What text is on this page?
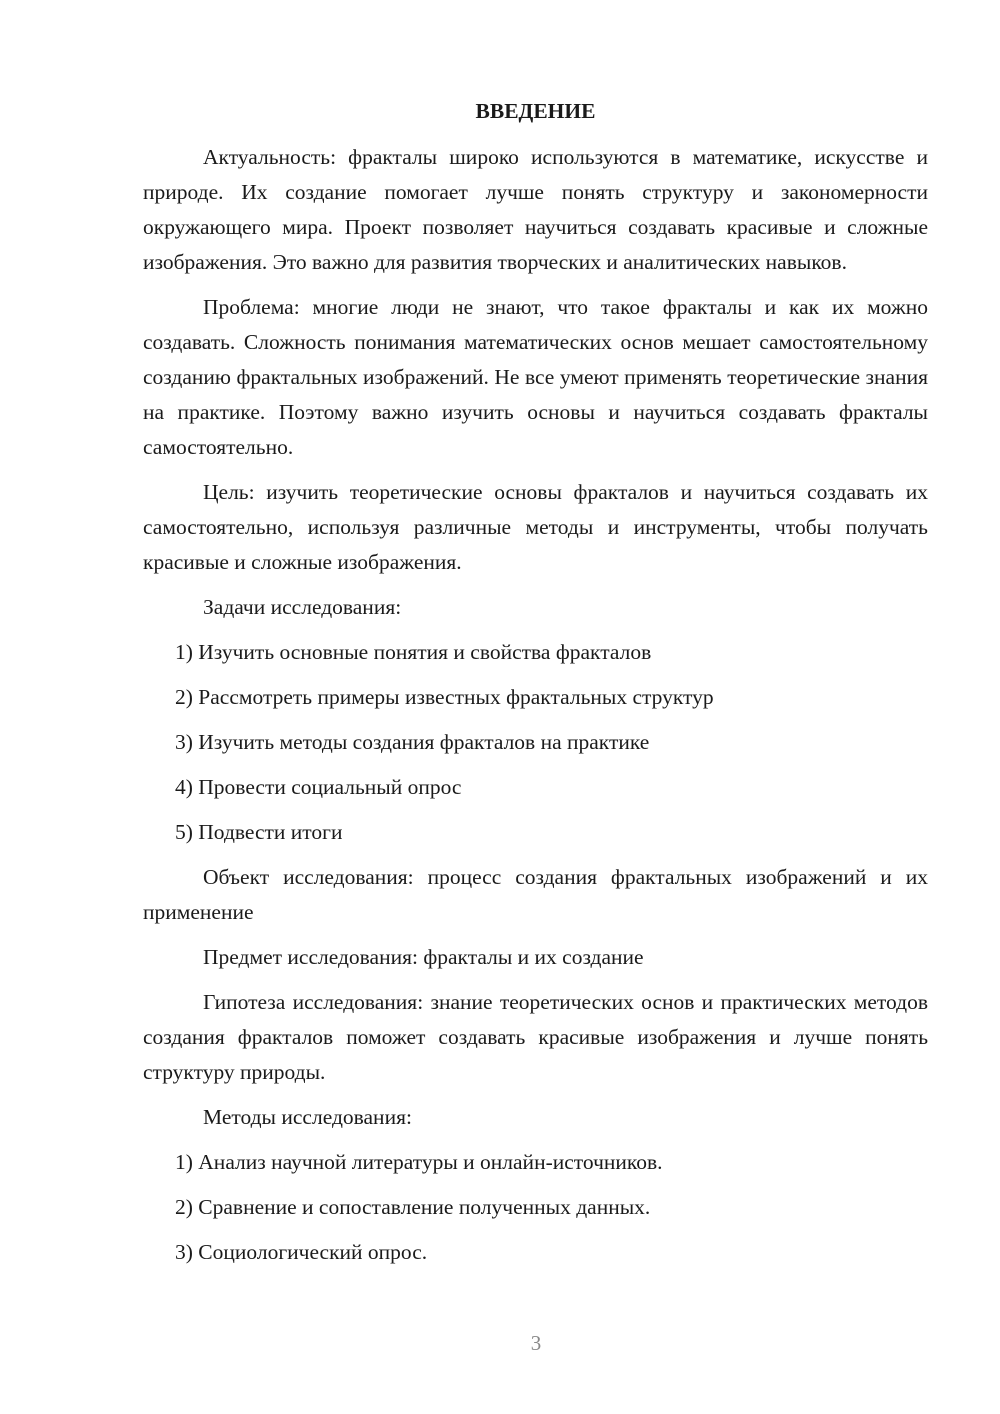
ВВЕДЕНИЕ

Актуальность: фракталы широко используются в математике, искусстве и природе. Их создание помогает лучше понять структуру и закономерности окружающего мира. Проект позволяет научиться создавать красивые и сложные изображения. Это важно для развития творческих и аналитических навыков.

Проблема: многие люди не знают, что такое фракталы и как их можно создавать. Сложность понимания математических основ мешает самостоятельному созданию фрактальных изображений. Не все умеют применять теоретические знания на практике. Поэтому важно изучить основы и научиться создавать фракталы самостоятельно.

Цель: изучить теоретические основы фракталов и научиться создавать их самостоятельно, используя различные методы и инструменты, чтобы получать красивые и сложные изображения.

Задачи исследования:

1) Изучить основные понятия и свойства фракталов

2) Рассмотреть примеры известных фрактальных структур

3) Изучить методы создания фракталов на практике

4) Провести социальный опрос

5) Подвести итоги

Объект исследования: процесс создания фрактальных изображений и их применение

Предмет исследования: фракталы и их создание

Гипотеза исследования: знание теоретических основ и практических методов создания фракталов поможет создавать красивые изображения и лучше понять структуру природы.

Методы исследования:

1) Анализ научной литературы и онлайн-источников.

2) Сравнение и сопоставление полученных данных.

3) Социологический опрос.

3
